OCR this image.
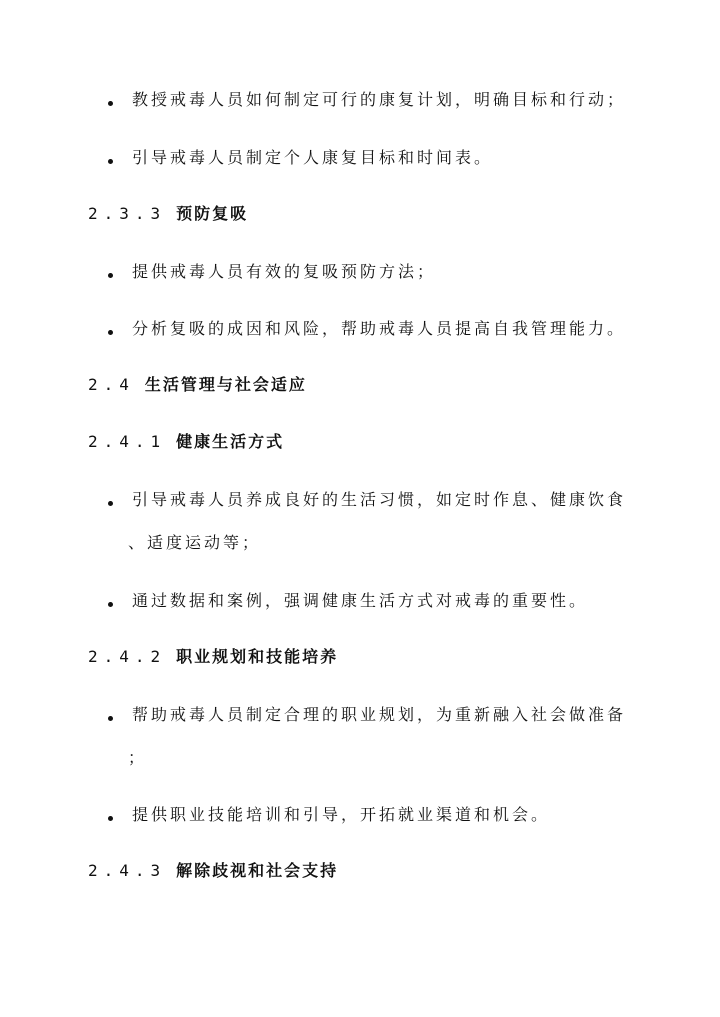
教授戒毒人员如何制定可行的康复计划，明确目标和行动；
引导戒毒人员制定个人康复目标和时间表。
2.3.3 预防复吸
提供戒毒人员有效的复吸预防方法；
分析复吸的成因和风险，帮助戒毒人员提高自我管理能力。
2.4 生活管理与社会适应
2.4.1 健康生活方式
引导戒毒人员养成良好的生活习惯，如定时作息、健康饮食
、适度运动等；
通过数据和案例，强调健康生活方式对戒毒的重要性。
2.4.2 职业规划和技能培养
帮助戒毒人员制定合理的职业规划，为重新融入社会做准备
；
提供职业技能培训和引导，开拓就业渠道和机会。
2.4.3 解除歧视和社会支持
